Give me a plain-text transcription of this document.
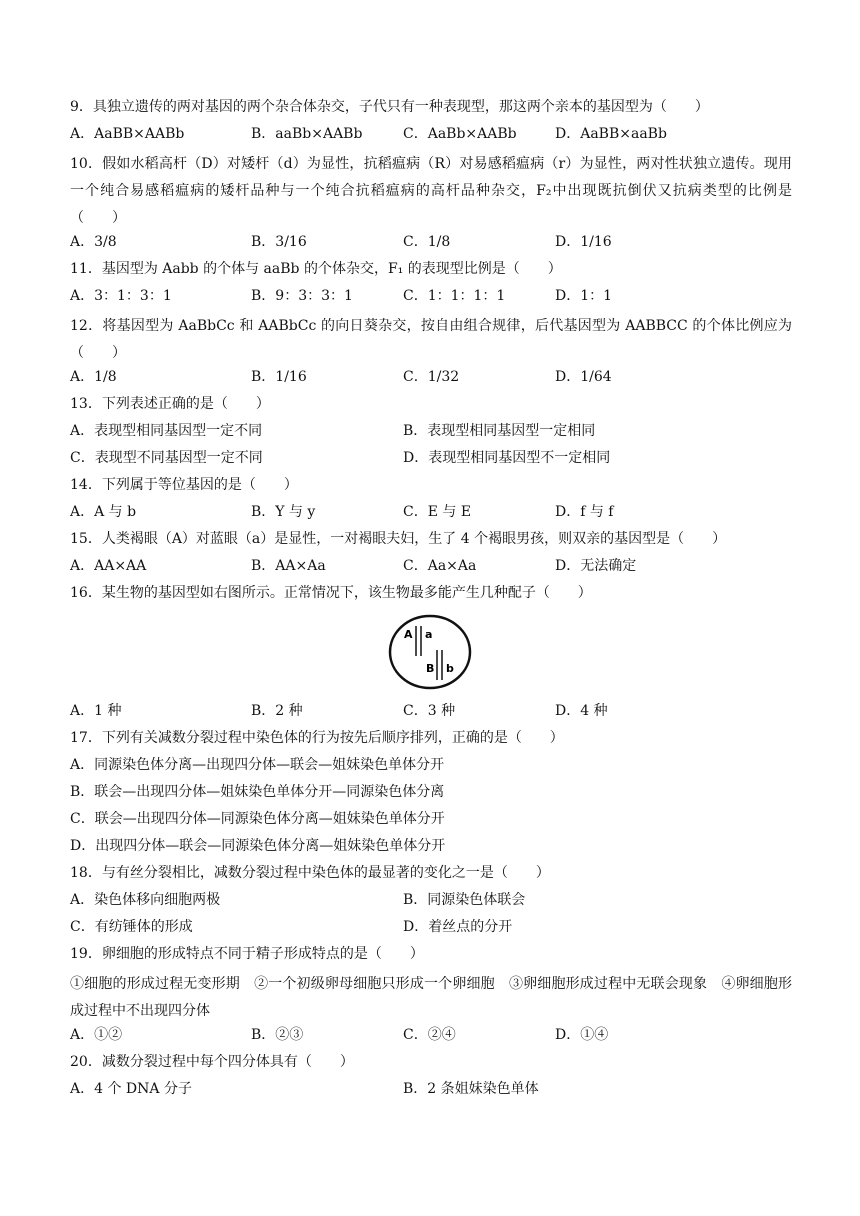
9．具独立遗传的两对基因的两个杂合体杂交，子代只有一种表现型，那这两个亲本的基因型为（　　）
A．AaBB×AABb	B．aaBb×AABb	C．AaBb×AABb	D．AaBB×aaBb
10．假如水稻高杆（D）对矮杆（d）为显性，抗稻瘟病（R）对易感稻瘟病（r）为显性，两对性状独立遗传。现用一个纯合易感稻瘟病的矮杆品种与一个纯合抗稻瘟病的高杆品种杂交，F₂中出现既抗倒伏又抗病类型的比例是（　　）
A．3/8	B．3/16	C．1/8	D．1/16
11．基因型为 Aabb 的个体与 aaBb 的个体杂交，F₁ 的表现型比例是（　　）
A．3：1：3：1	B．9：3：3：1	C．1：1：1：1	D．1：1
12．将基因型为 AaBbCc 和 AABbCc 的向日葵杂交，按自由组合规律，后代基因型为 AABBCC 的个体比例应为（　　）
A．1/8	B．1/16	C．1/32	D．1/64
13．下列表述正确的是（　　）
A．表现型相同基因型一定不同	B．表现型相同基因型一定相同
C．表现型不同基因型一定不同	D．表现型相同基因型不一定相同
14．下列属于等位基因的是（　　）
A．A 与 b	B．Y 与 y	C．E 与 E	D．f 与 f
15．人类褐眼（A）对蓝眼（a）是显性，一对褐眼夫妇，生了 4 个褐眼男孩，则双亲的基因型是（　　）
A．AA×AA	B．AA×Aa	C．Aa×Aa	D．无法确定
16．某生物的基因型如右图所示。正常情况下，该生物最多能产生几种配子（　　）
A a
B b
A．1 种	B．2 种	C．3 种	D．4 种
17．下列有关减数分裂过程中染色体的行为按先后顺序排列，正确的是（　　）
A．同源染色体分离—出现四分体—联会—姐妹染色单体分开
B．联会—出现四分体—姐妹染色单体分开—同源染色体分离
C．联会—出现四分体—同源染色体分离—姐妹染色单体分开
D．出现四分体—联会—同源染色体分离—姐妹染色单体分开
18．与有丝分裂相比，减数分裂过程中染色体的最显著的变化之一是（　　）
A．染色体移向细胞两极	B．同源染色体联会
C．有纺锤体的形成	D．着丝点的分开
19．卵细胞的形成特点不同于精子形成特点的是（　　）
①细胞的形成过程无变形期　②一个初级卵母细胞只形成一个卵细胞　③卵细胞形成过程中无联会现象　④卵细胞形成过程中不出现四分体
A．①②	B．②③	C．②④	D．①④
20．减数分裂过程中每个四分体具有（　　）
A．4 个 DNA 分子	B．2 条姐妹染色单体
